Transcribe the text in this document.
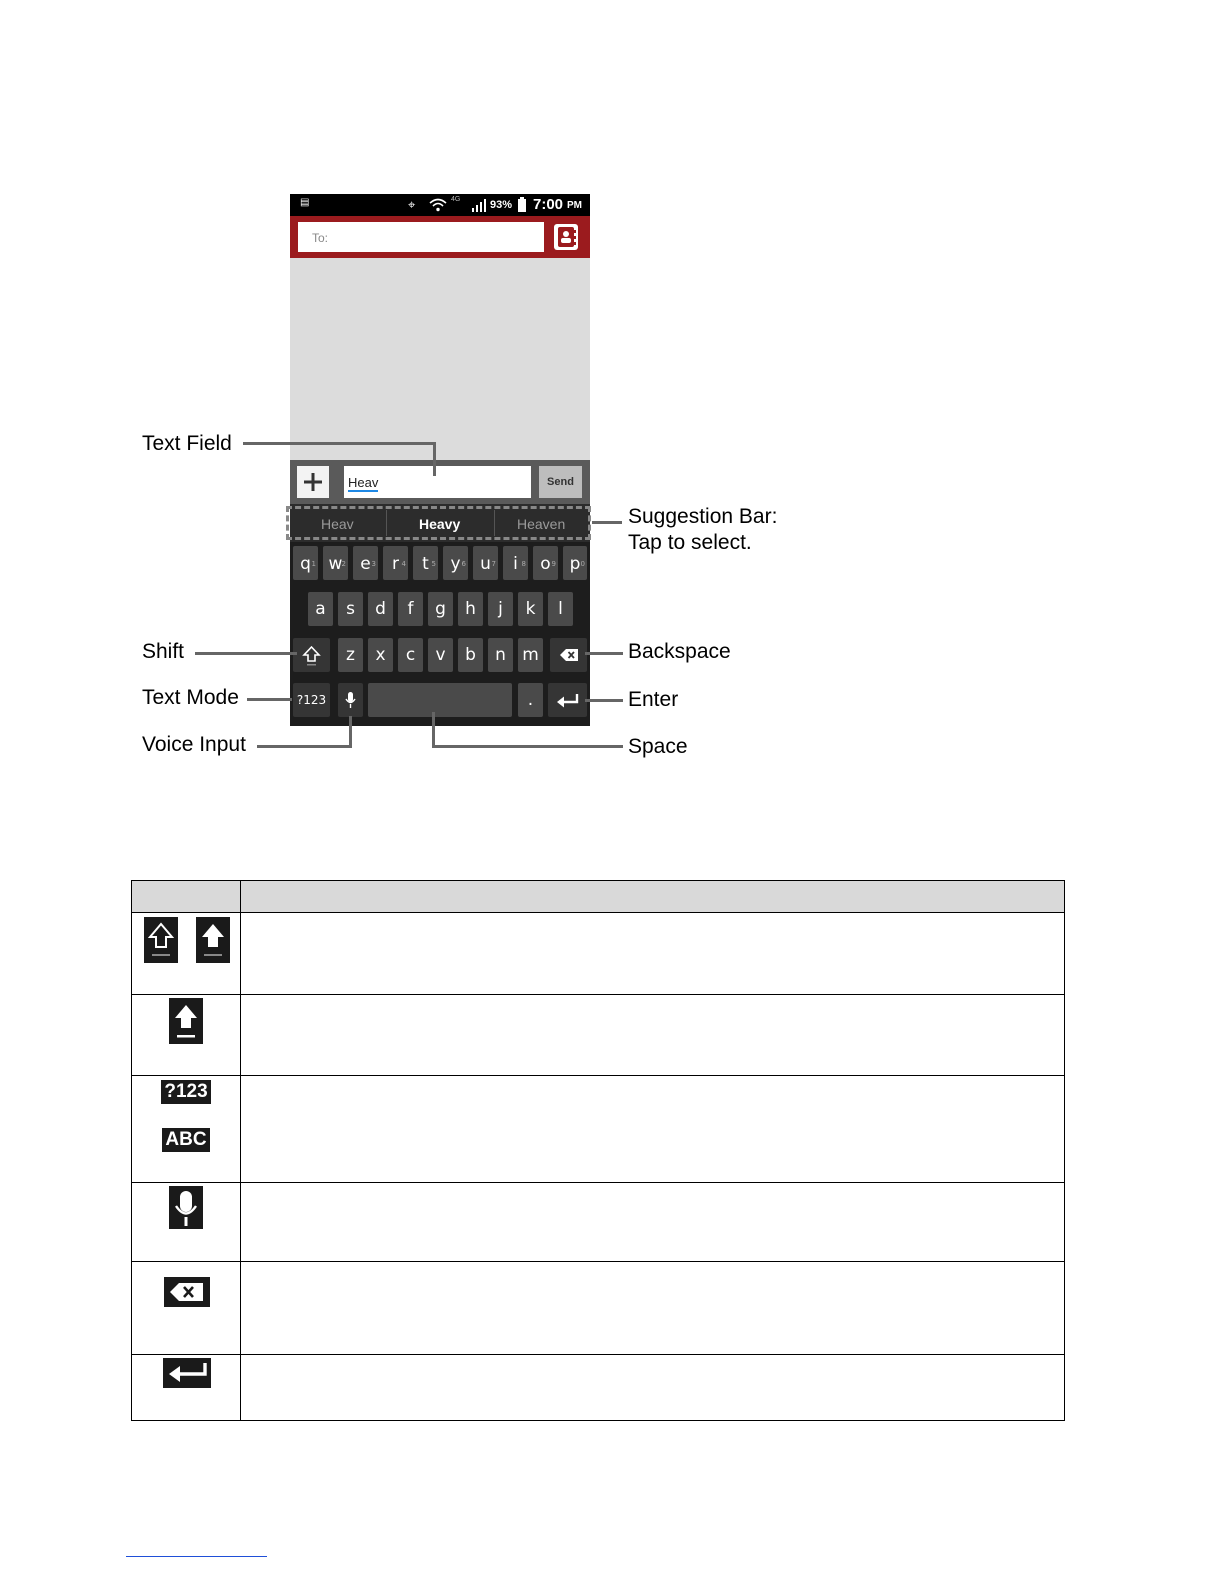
▤	⌖	4G	93% 7:00 PM
To:
Heav	Send
Heav	Heavy	Heaven
1
q	2
w	3
e	4
r	5
t	6
y	7
u	8
i	9
o	0
p
a	s	d	f	g	h	j	k	l
z	x	c	v	b	n m
?123	.
Text Field
Suggestion Bar:
Tap to select.
Shift	Backspace
Text Mode	Enter
Voice Input	Space

?123
ABC	
